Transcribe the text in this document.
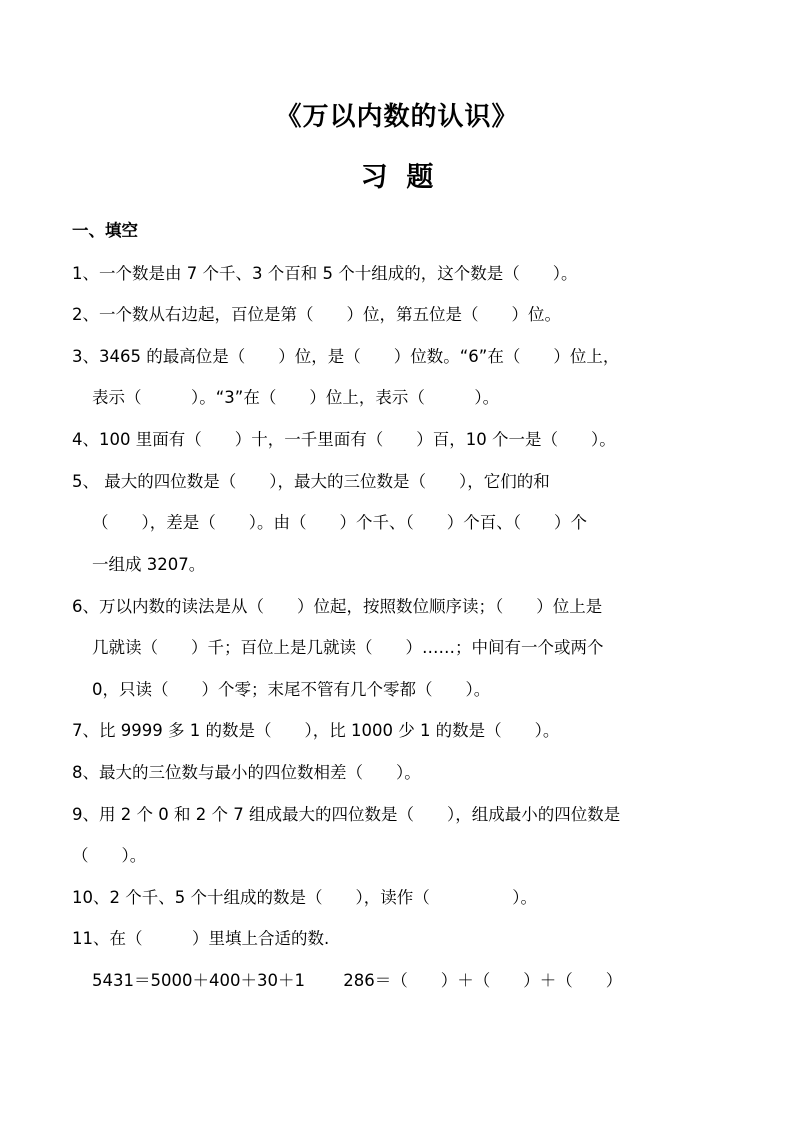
《万以内数的认识》
习  题
一、填空
1、一个数是由 7 个千、3 个百和 5 个十组成的，这个数是（　　）。
2、一个数从右边起，百位是第（　　）位，第五位是（　　）位。
3、3465 的最高位是（　　）位，是（　　）位数。“6”在（　　）位上，
表示（　　　）。“3”在（　　）位上，表示（　　　）。
4、100 里面有（　　）十，一千里面有（　　）百，10 个一是（　　）。
5、 最大的四位数是（　　），最大的三位数是（　　），它们的和
（　　），差是（　　）。由（　　）个千、（　　）个百、（　　）个
一组成 3207。
6、万以内数的读法是从（　　）位起，按照数位顺序读；（　　）位上是
几就读（　　）千；百位上是几就读（　　）……；中间有一个或两个
0，只读（　　）个零；末尾不管有几个零都（　　）。
7、比 9999 多 1 的数是（　　），比 1000 少 1 的数是（　　）。
8、最大的三位数与最小的四位数相差（　　）。
9、用 2 个 0 和 2 个 7 组成最大的四位数是（　　），组成最小的四位数是
（　　）。
10、2 个千、5 个十组成的数是（　　），读作（　　　　　）。
11、在（　　　）里填上合适的数.
5431＝5000＋400＋30＋1　　 286＝（　　）＋（　　）＋（　　）
